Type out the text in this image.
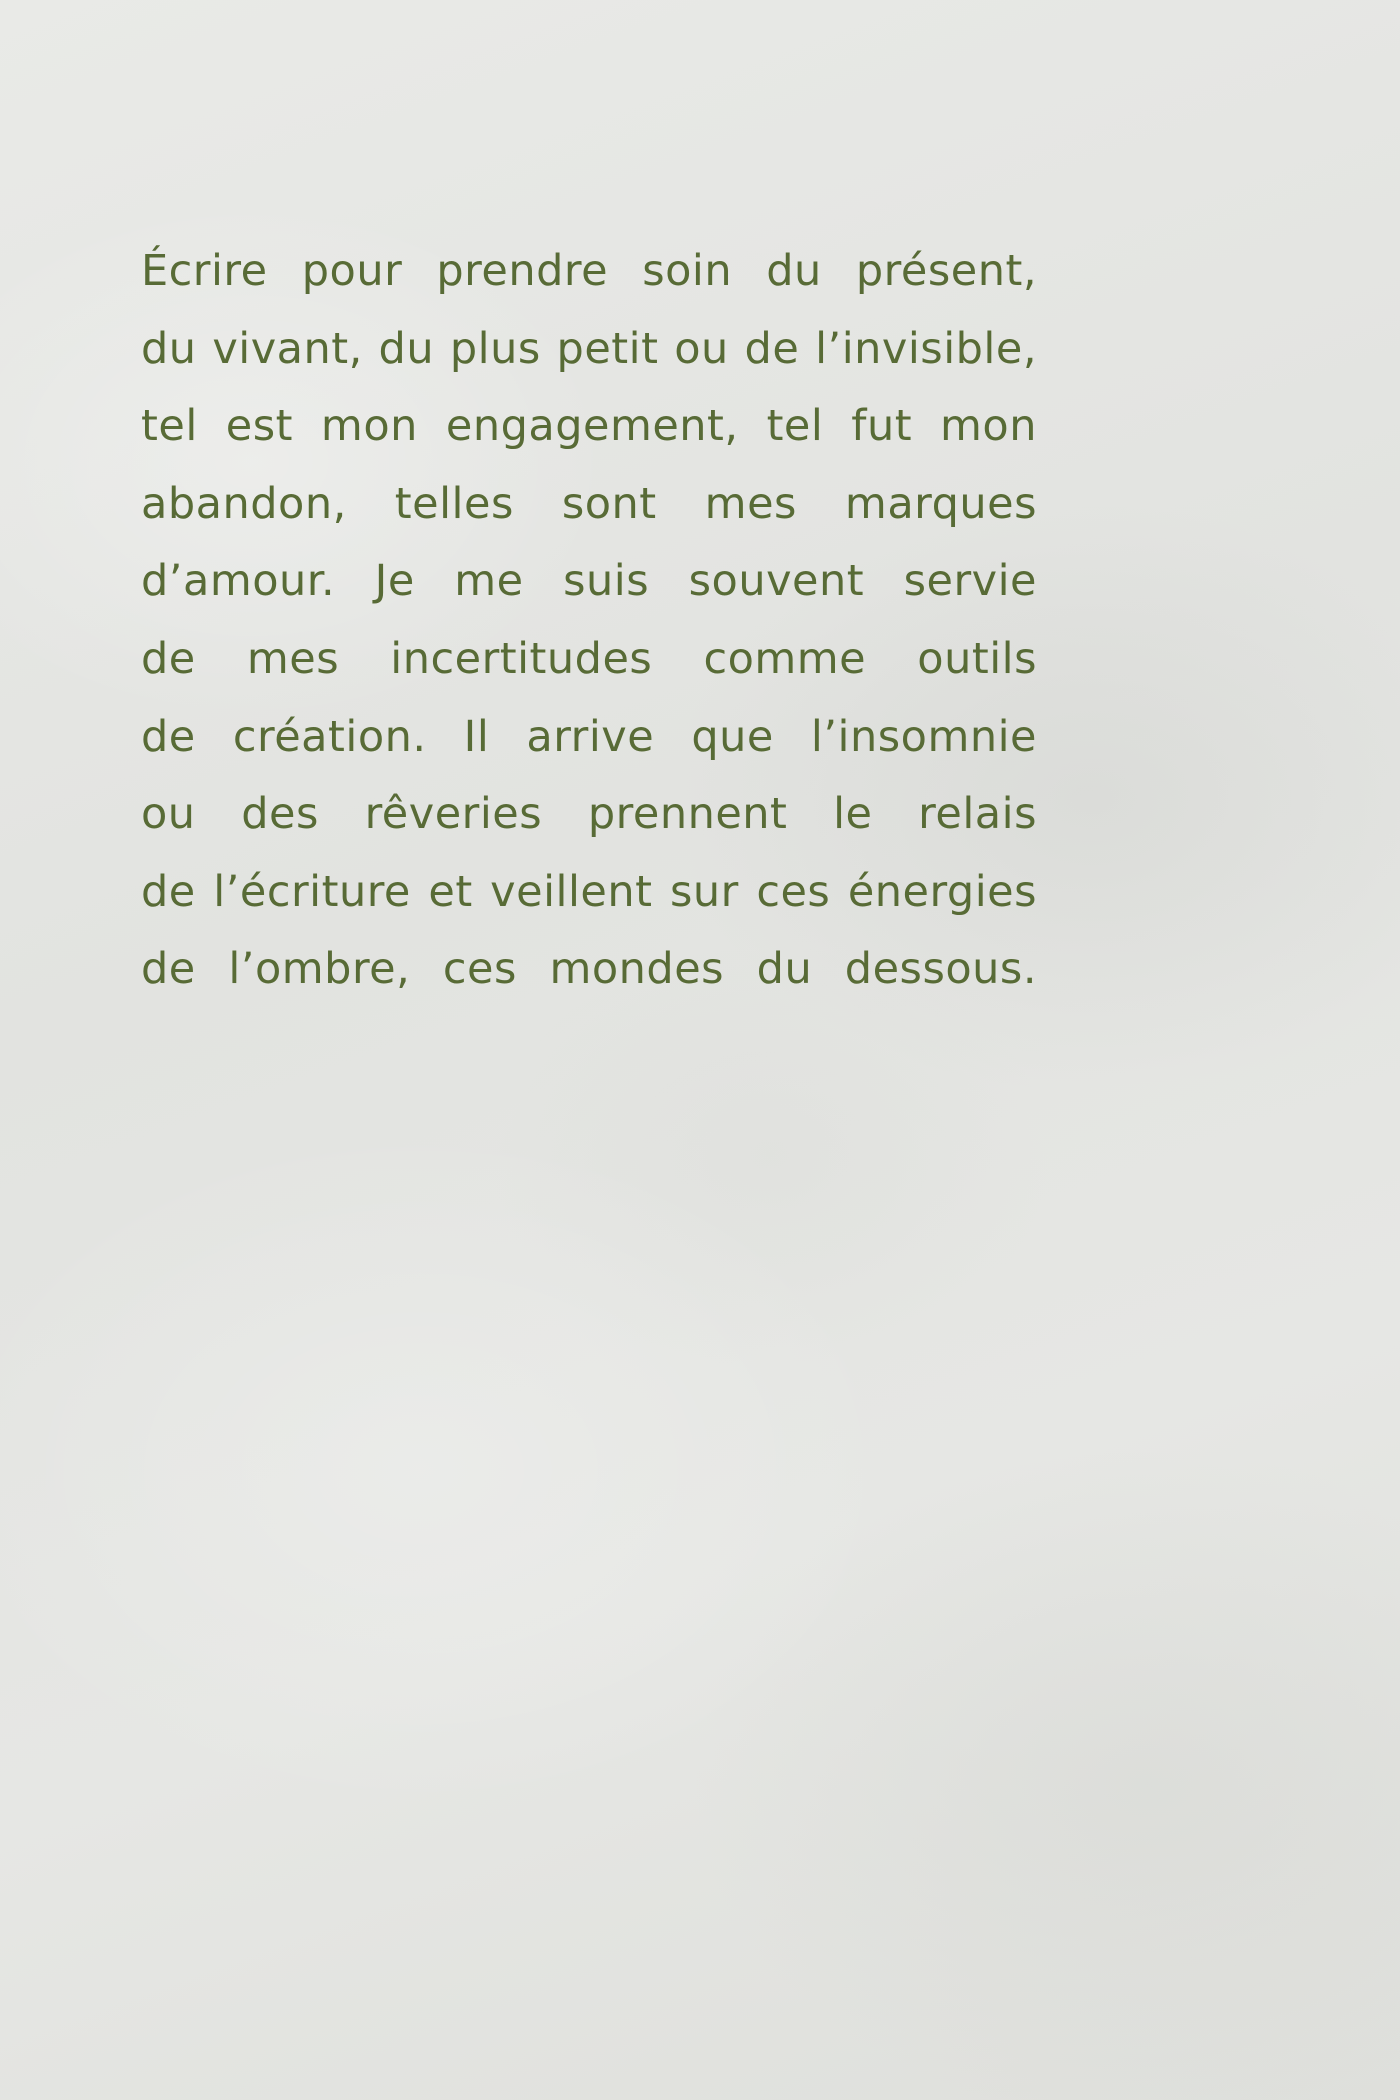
Écrire pour prendre soin du présent,
du vivant, du plus petit ou de l’invisible,
tel est mon engagement, tel fut mon
abandon, telles sont mes marques
d’amour. Je me suis souvent servie
de mes incertitudes comme outils
de création. Il arrive que l’insomnie
ou des rêveries prennent le relais
de l’écriture et veillent sur ces énergies
de l’ombre, ces mondes du dessous.
